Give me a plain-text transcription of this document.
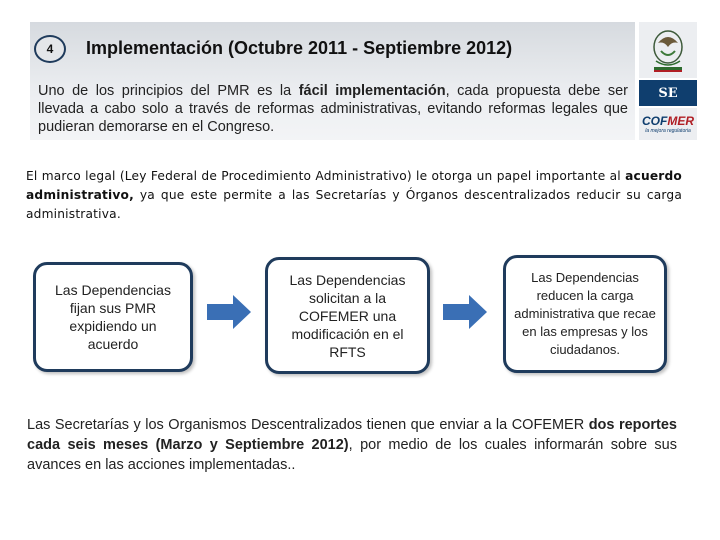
4	Implementación (Octubre 2011 - Septiembre 2012)

Uno de los principios del PMR es la fácil implementación, cada propuesta debe ser llevada a cabo solo a través de reformas administrativas, evitando reformas legales que pudieran demorarse en el Congreso.

SE
COFMER
la mejora regulatoria

El marco legal (Ley Federal de Procedimiento Administrativo) le otorga un papel importante al acuerdo administrativo, ya que este permite a las Secretarías y Órganos descentralizados reducir su carga administrativa.

Las Dependencias fijan sus PMR expidiendo un acuerdo
Las Dependencias solicitan a la COFEMER una modificación en el RFTS
Las Dependencias reducen la carga administrativa que recae en las empresas y los ciudadanos.

Las Secretarías y los Organismos Descentralizados tienen que enviar a la COFEMER dos reportes cada seis meses (Marzo y Septiembre 2012), por medio de los cuales informarán sobre sus avances en las acciones implementadas..
